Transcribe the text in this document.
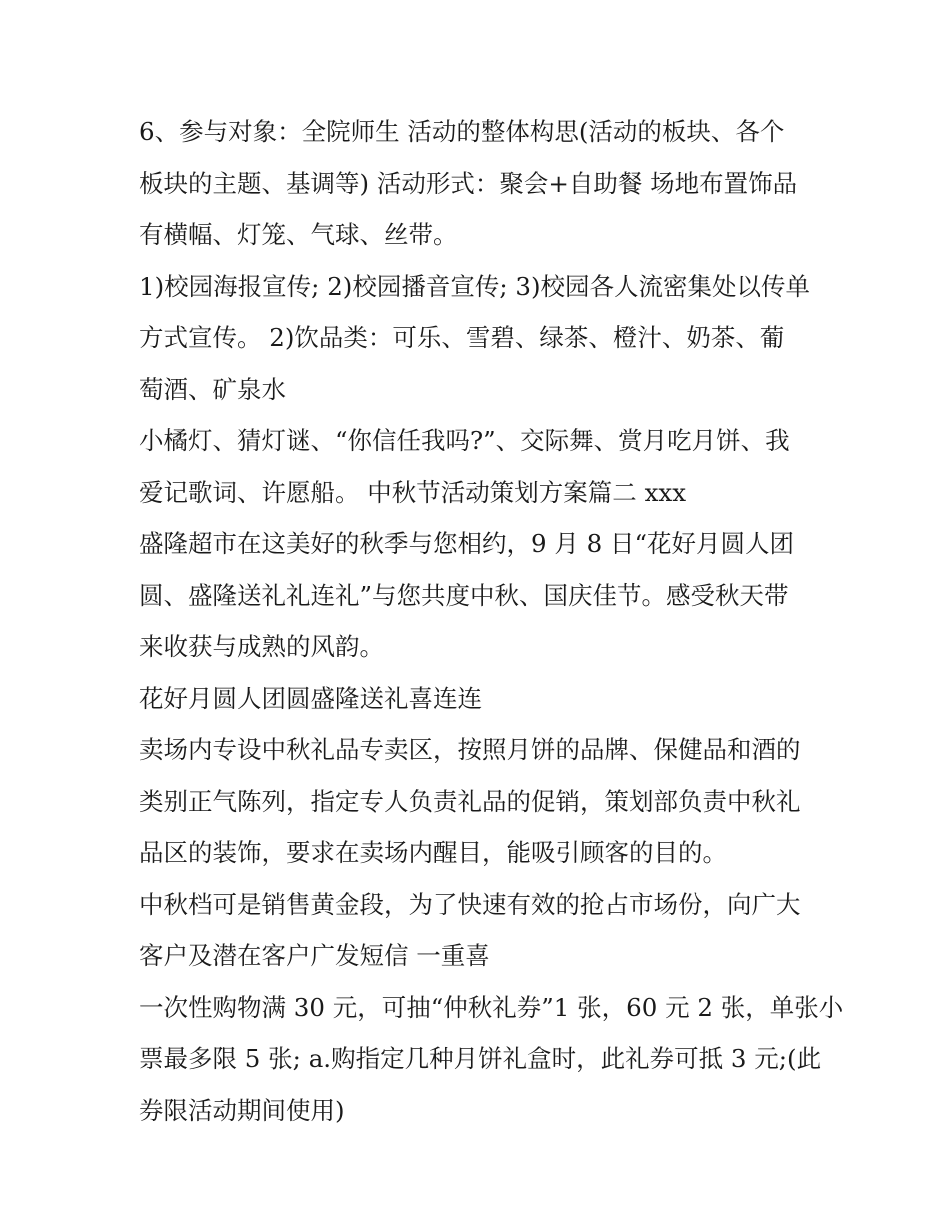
6、参与对象：全院师生 活动的整体构思(活动的板块、各个
板块的主题、基调等) 活动形式：聚会+自助餐 场地布置饰品
有横幅、灯笼、气球、丝带。
1)校园海报宣传; 2)校园播音宣传; 3)校园各人流密集处以传单
方式宣传。 2)饮品类：可乐、雪碧、绿茶、橙汁、奶茶、葡
萄酒、矿泉水
小橘灯、猜灯谜、“你信任我吗?”、交际舞、赏月吃月饼、我
爱记歌词、许愿船。 中秋节活动策划方案篇二 xxx
盛隆超市在这美好的秋季与您相约，9 月 8 日“花好月圆人团
圆、盛隆送礼礼连礼”与您共度中秋、国庆佳节。感受秋天带
来收获与成熟的风韵。
花好月圆人团圆盛隆送礼喜连连
卖场内专设中秋礼品专卖区，按照月饼的品牌、保健品和酒的
类别正气陈列，指定专人负责礼品的促销，策划部负责中秋礼
品区的装饰，要求在卖场内醒目，能吸引顾客的目的。
中秋档可是销售黄金段，为了快速有效的抢占市场份，向广大
客户及潜在客户广发短信 一重喜
一次性购物满 30 元，可抽“仲秋礼券”1 张，60 元 2 张，单张小
票最多限 5 张; a.购指定几种月饼礼盒时，此礼券可抵 3 元;(此
券限活动期间使用)
